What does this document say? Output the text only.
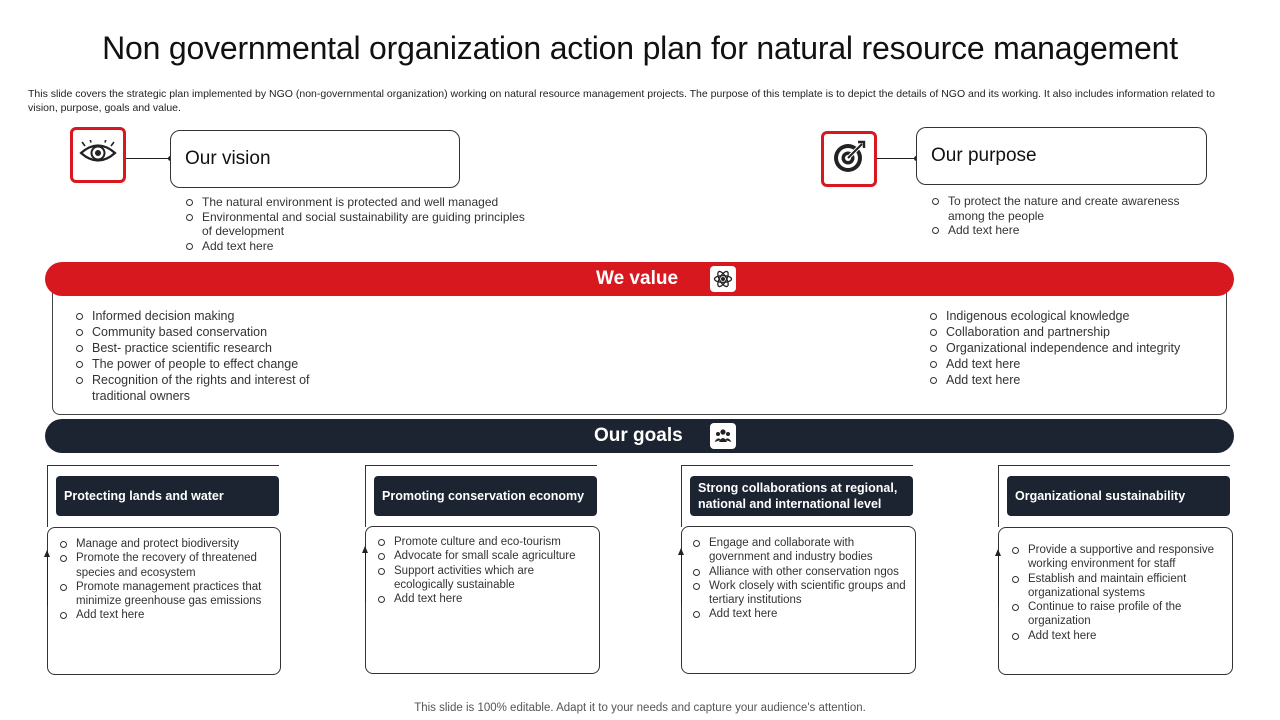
Non governmental organization action plan for natural resource management
This slide covers the strategic plan implemented by NGO (non-governmental organization) working on natural resource management projects. The purpose of this template is to depict the details of NGO and its working. It also includes information related to vision, purpose, goals and value.
Our vision
The natural environment is protected and well managed
Environmental and social sustainability are guiding principles of development
Add text here
Our purpose
To protect the nature and create awareness among the people
Add text here
We value
Informed decision making
Community based conservation
Best- practice scientific research
The power of people to effect change
Recognition of the rights and interest of traditional owners
Indigenous ecological knowledge
Collaboration and partnership
Organizational independence and integrity
Add text here
Add text here
Our goals
Protecting lands and water
Manage and protect biodiversity
Promote the recovery of threatened species and ecosystem
Promote management practices that minimize greenhouse gas emissions
Add text here
Promoting conservation economy
Promote culture and eco-tourism
Advocate for small scale agriculture
Support activities which are ecologically sustainable
Add text here
Strong collaborations at regional, national and international level
Engage and collaborate with government and industry bodies
Alliance with other conservation ngos
Work closely with scientific groups and tertiary institutions
Add text here
Organizational sustainability
Provide a supportive and responsive working environment for staff
Establish and maintain efficient organizational systems
Continue to raise profile of the organization
Add text here
This slide is 100% editable. Adapt it to your needs and capture your audience's attention.
